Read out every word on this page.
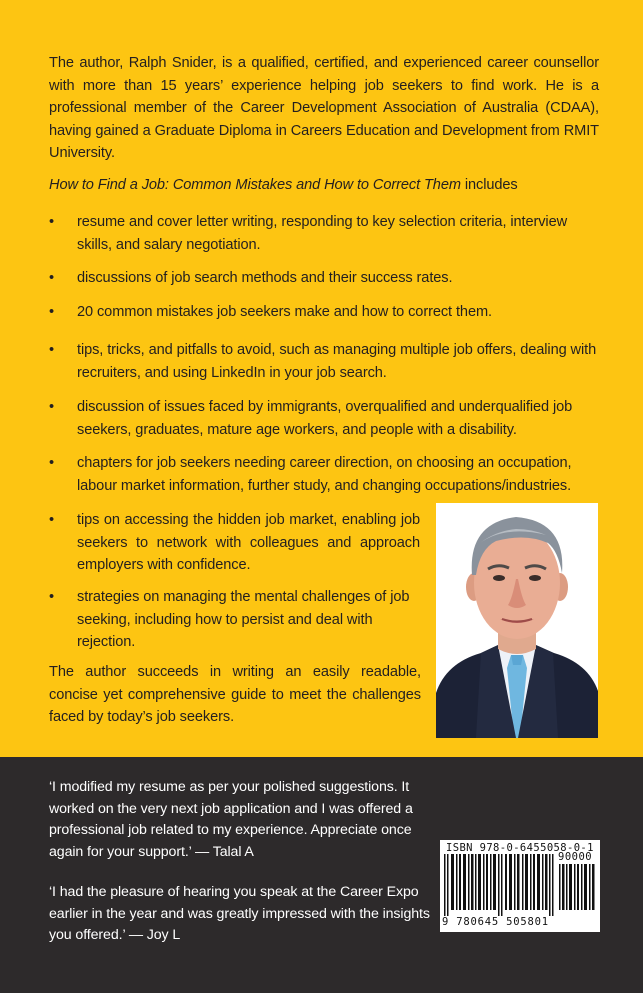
The author, Ralph Snider, is a qualified, certified, and experienced career counsellor with more than 15 years’ experience helping job seekers to find work. He is a professional member of the Career Development Association of Australia (CDAA), having gained a Graduate Diploma in Careers Education and Development from RMIT University.

How to Find a Job: Common Mistakes and How to Correct Them includes

•	resume and cover letter writing, responding to key selection criteria, interview skills, and salary negotiation.
•	discussions of job search methods and their success rates.
•	20 common mistakes job seekers make and how to correct them.
•	tips, tricks, and pitfalls to avoid, such as managing multiple job offers, dealing with recruiters, and using LinkedIn in your job search.
•	discussion of issues faced by immigrants, overqualified and underqualified job seekers, graduates, mature age workers, and people with a disability.
•	chapters for job seekers needing career direction, on choosing an occupation, labour market information, further study, and changing occupations/industries.
•	tips on accessing the hidden job market, enabling job seekers to network with colleagues and approach employers with confidence.
•	strategies on managing the mental challenges of job seeking, including how to persist and deal with rejection.

The author succeeds in writing an easily readable, concise yet comprehensive guide to meet the challenges faced by today’s job seekers.

‘I modified my resume as per your polished suggestions. It worked on the very next job application and I was offered a professional job related to my experience. Appreciate once again for your support.’ — Talal A

‘I had the pleasure of hearing you speak at the Career Expo earlier in the year and was greatly impressed with the insights you offered.’ — Joy L

ISBN 978-0-6455058-0-1
90000
9 780645 505801
